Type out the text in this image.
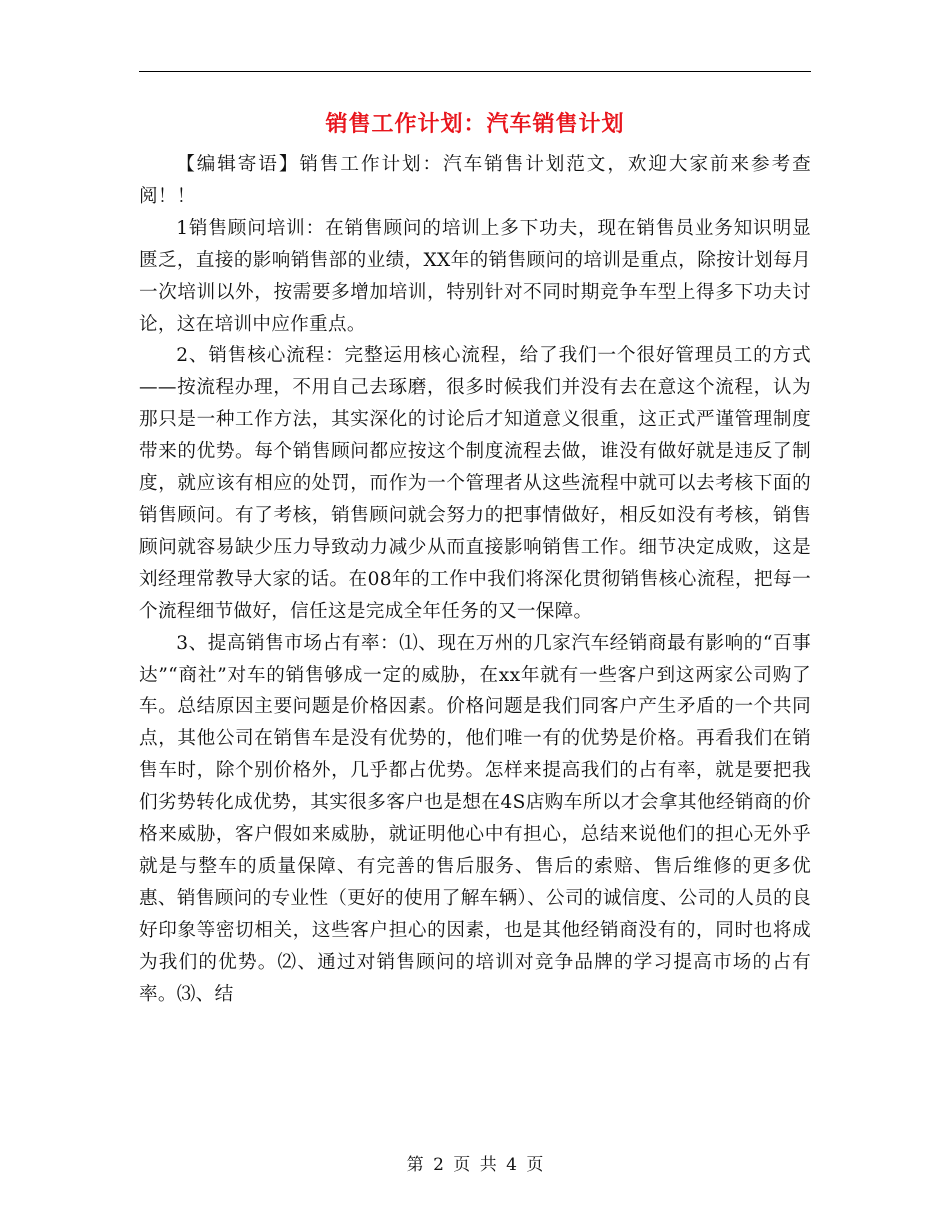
销售工作计划：汽车销售计划

【编辑寄语】销售工作计划：汽车销售计划范文，欢迎大家前来参考查阅！！

1销售顾问培训：在销售顾问的培训上多下功夫，现在销售员业务知识明显匮乏，直接的影响销售部的业绩，XX年的销售顾问的培训是重点，除按计划每月一次培训以外，按需要多增加培训，特别针对不同时期竞争车型上得多下功夫讨论，这在培训中应作重点。

2、销售核心流程：完整运用核心流程，给了我们一个很好管理员工的方式——按流程办理，不用自己去琢磨，很多时候我们并没有去在意这个流程，认为那只是一种工作方法，其实深化的讨论后才知道意义很重，这正式严谨管理制度带来的优势。每个销售顾问都应按这个制度流程去做，谁没有做好就是违反了制度，就应该有相应的处罚，而作为一个管理者从这些流程中就可以去考核下面的销售顾问。有了考核，销售顾问就会努力的把事情做好，相反如没有考核，销售顾问就容易缺少压力导致动力减少从而直接影响销售工作。细节决定成败，这是刘经理常教导大家的话。在08年的工作中我们将深化贯彻销售核心流程，把每一个流程细节做好，信任这是完成全年任务的又一保障。

3、提高销售市场占有率：⑴、现在万州的几家汽车经销商最有影响的“百事达”“商社”对车的销售够成一定的威胁，在xx年就有一些客户到这两家公司购了车。总结原因主要问题是价格因素。价格问题是我们同客户产生矛盾的一个共同点，其他公司在销售车是没有优势的，他们唯一有的优势是价格。再看我们在销售车时，除个别价格外，几乎都占优势。怎样来提高我们的占有率，就是要把我们劣势转化成优势，其实很多客户也是想在4S店购车所以才会拿其他经销商的价格来威胁，客户假如来威胁，就证明他心中有担心，总结来说他们的担心无外乎就是与整车的质量保障、有完善的售后服务、售后的索赔、售后维修的更多优惠、销售顾问的专业性（更好的使用了解车辆）、公司的诚信度、公司的人员的良好印象等密切相关，这些客户担心的因素，也是其他经销商没有的，同时也将成为我们的优势。⑵、通过对销售顾问的培训对竞争品牌的学习提高市场的占有率。⑶、结

第 2 页 共 4 页
